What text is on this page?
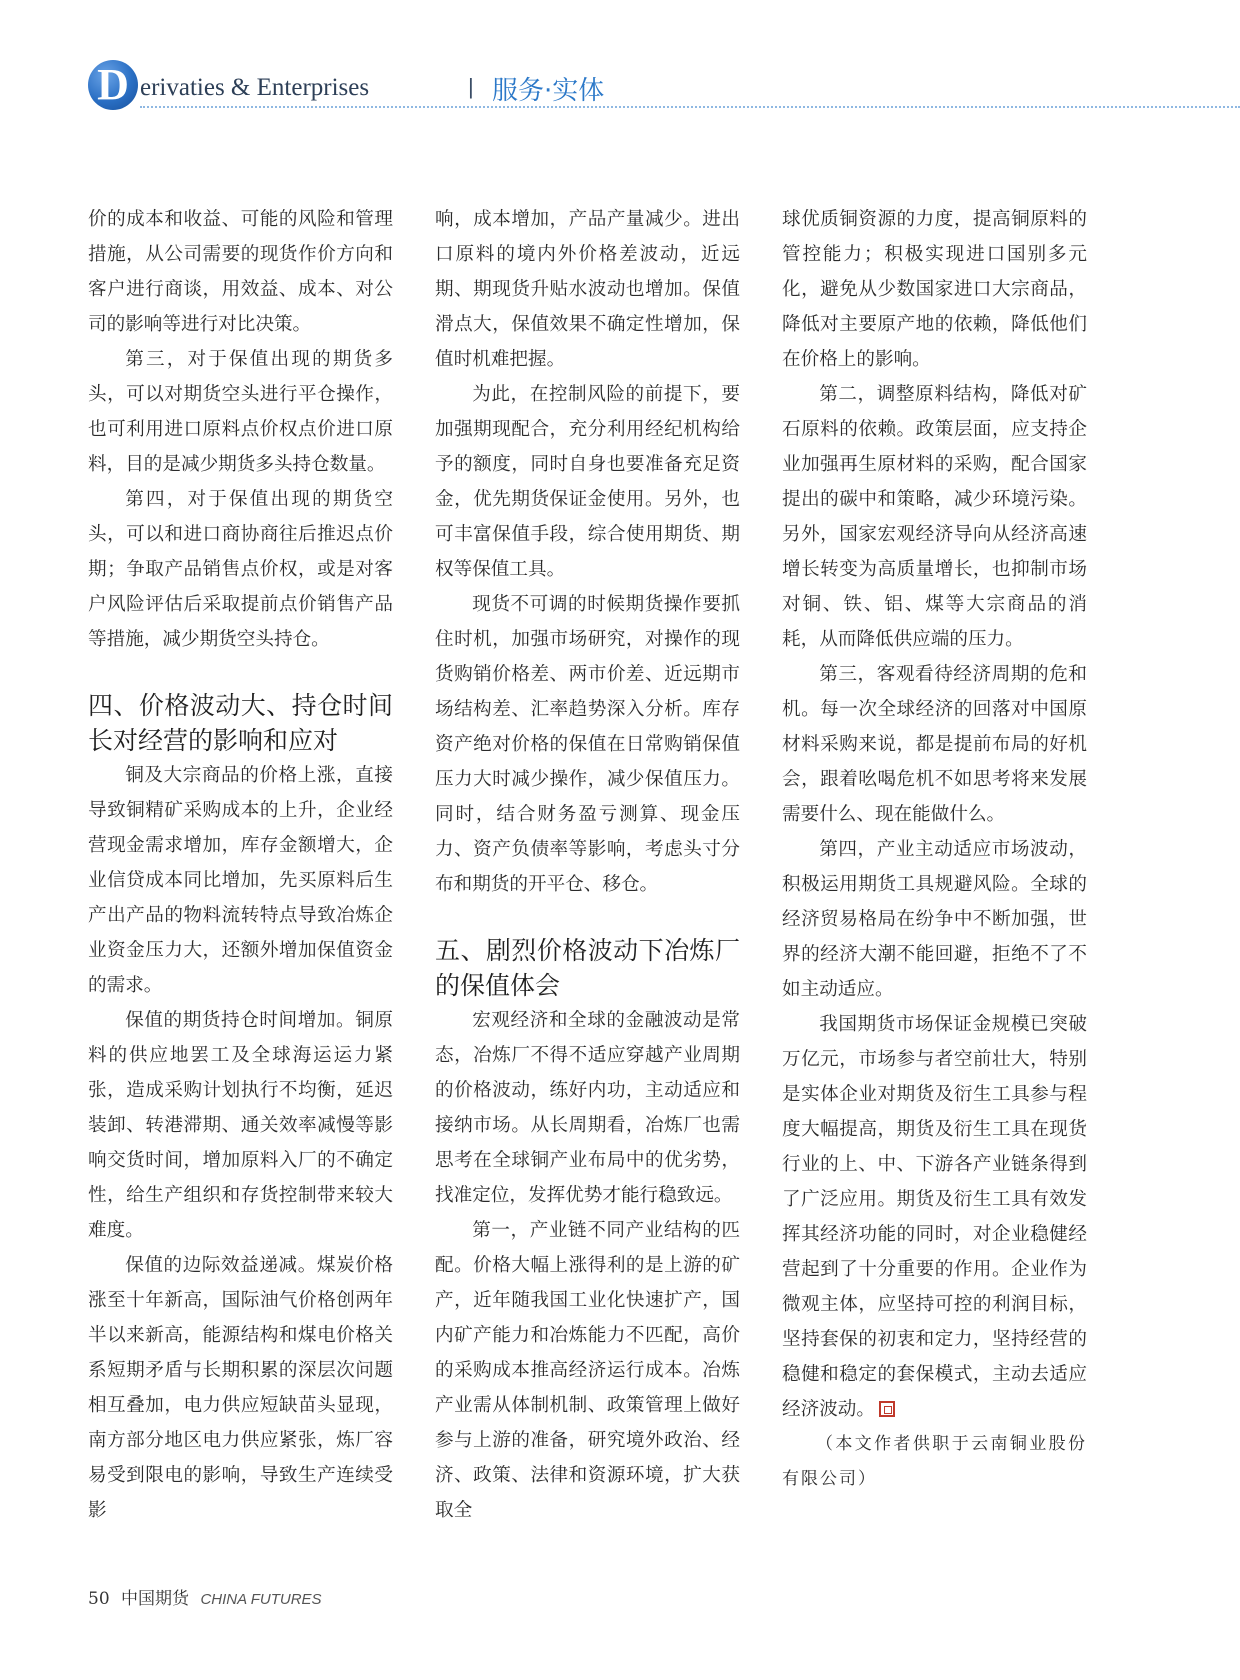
D erivaties & Enterprises	| 服务·实体

价的成本和收益、可能的风险和管理措施，从公司需要的现货作价方向和客户进行商谈，用效益、成本、对公司的影响等进行对比决策。

第三，对于保值出现的期货多头，可以对期货空头进行平仓操作，也可利用进口原料点价权点价进口原料，目的是减少期货多头持仓数量。

第四，对于保值出现的期货空头，可以和进口商协商往后推迟点价期；争取产品销售点价权，或是对客户风险评估后采取提前点价销售产品等措施，减少期货空头持仓。

四、价格波动大、持仓时间长对经营的影响和应对

铜及大宗商品的价格上涨，直接导致铜精矿采购成本的上升，企业经营现金需求增加，库存金额增大，企业信贷成本同比增加，先买原料后生产出产品的物料流转特点导致冶炼企业资金压力大，还额外增加保值资金的需求。

保值的期货持仓时间增加。铜原料的供应地罢工及全球海运运力紧张，造成采购计划执行不均衡，延迟装卸、转港滞期、通关效率减慢等影响交货时间，增加原料入厂的不确定性，给生产组织和存货控制带来较大难度。

保值的边际效益递减。煤炭价格涨至十年新高，国际油气价格创两年半以来新高，能源结构和煤电价格关系短期矛盾与长期积累的深层次问题相互叠加，电力供应短缺苗头显现，南方部分地区电力供应紧张，炼厂容易受到限电的影响，导致生产连续受影

响，成本增加，产品产量减少。进出口原料的境内外价格差波动，近远期、期现货升贴水波动也增加。保值滑点大，保值效果不确定性增加，保值时机难把握。

为此，在控制风险的前提下，要加强期现配合，充分利用经纪机构给予的额度，同时自身也要准备充足资金，优先期货保证金使用。另外，也可丰富保值手段，综合使用期货、期权等保值工具。

现货不可调的时候期货操作要抓住时机，加强市场研究，对操作的现货购销价格差、两市价差、近远期市场结构差、汇率趋势深入分析。库存资产绝对价格的保值在日常购销保值压力大时减少操作，减少保值压力。同时，结合财务盈亏测算、现金压力、资产负债率等影响，考虑头寸分布和期货的开平仓、移仓。

五、剧烈价格波动下冶炼厂的保值体会

宏观经济和全球的金融波动是常态，冶炼厂不得不适应穿越产业周期的价格波动，练好内功，主动适应和接纳市场。从长周期看，冶炼厂也需思考在全球铜产业布局中的优劣势，找准定位，发挥优势才能行稳致远。

第一，产业链不同产业结构的匹配。价格大幅上涨得利的是上游的矿产，近年随我国工业化快速扩产，国内矿产能力和冶炼能力不匹配，高价的采购成本推高经济运行成本。冶炼产业需从体制机制、政策管理上做好参与上游的准备，研究境外政治、经济、政策、法律和资源环境，扩大获取全

球优质铜资源的力度，提高铜原料的管控能力；积极实现进口国别多元化，避免从少数国家进口大宗商品，降低对主要原产地的依赖，降低他们在价格上的影响。

第二，调整原料结构，降低对矿石原料的依赖。政策层面，应支持企业加强再生原材料的采购，配合国家提出的碳中和策略，减少环境污染。另外，国家宏观经济导向从经济高速增长转变为高质量增长，也抑制市场对铜、铁、铝、煤等大宗商品的消耗，从而降低供应端的压力。

第三，客观看待经济周期的危和机。每一次全球经济的回落对中国原材料采购来说，都是提前布局的好机会，跟着吆喝危机不如思考将来发展需要什么、现在能做什么。

第四，产业主动适应市场波动，积极运用期货工具规避风险。全球的经济贸易格局在纷争中不断加强，世界的经济大潮不能回避，拒绝不了不如主动适应。

我国期货市场保证金规模已突破万亿元，市场参与者空前壮大，特别是实体企业对期货及衍生工具参与程度大幅提高，期货及衍生工具在现货行业的上、中、下游各产业链条得到了广泛应用。期货及衍生工具有效发挥其经济功能的同时，对企业稳健经营起到了十分重要的作用。企业作为微观主体，应坚持可控的利润目标，坚持套保的初衷和定力，坚持经营的稳健和稳定的套保模式，主动去适应经济波动。

（本文作者供职于云南铜业股份有限公司）

50 中国期货 CHINA FUTURES
